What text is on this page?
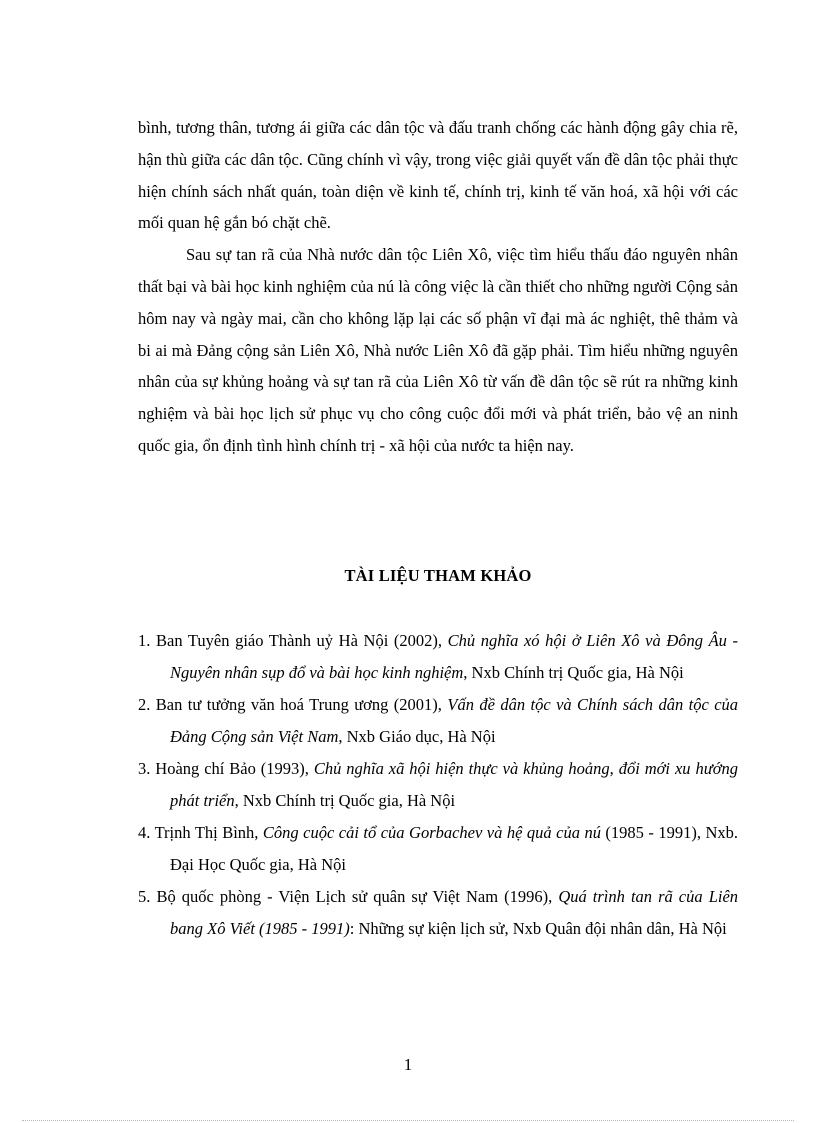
bình, tương thân, tương ái giữa các dân tộc và đấu tranh chống các hành động gây chia rẽ, hận thù giữa các dân tộc. Cũng chính vì vậy, trong việc giải quyết vấn đề dân tộc phải thực hiện chính sách nhất quán, toàn diện về kinh tế, chính trị, kinh tế văn hoá, xã hội với các mối quan hệ gắn bó chặt chẽ.

Sau sự tan rã của Nhà nước dân tộc Liên Xô, việc tìm hiểu thấu đáo nguyên nhân thất bại và bài học kinh nghiệm của nú là công việc là cần thiết cho những người Cộng sản hôm nay và ngày mai, cần cho không lặp lại các số phận vĩ đại mà ác nghiệt, thê thảm và bi ai mà Đảng cộng sản Liên Xô, Nhà nước Liên Xô đã gặp phải. Tìm hiểu những nguyên nhân của sự khủng hoảng và sự tan rã của Liên Xô từ vấn đề dân tộc sẽ rút ra những kinh nghiệm và bài học lịch sử phục vụ cho công cuộc đổi mới và phát triển, bảo vệ an ninh quốc gia, ổn định tình hình chính trị - xã hội của nước ta hiện nay.

TÀI LIỆU THAM KHẢO

1. Ban Tuyên giáo Thành uỷ Hà Nội (2002), Chủ nghĩa xó hội ở Liên Xô và Đông Âu - Nguyên nhân sụp đổ và bài học kinh nghiệm, Nxb Chính trị Quốc gia, Hà Nội

2. Ban tư tưởng văn hoá Trung ương (2001), Vấn đề dân tộc và Chính sách dân tộc của Đảng Cộng sản Việt Nam, Nxb Giáo dục, Hà Nội

3. Hoàng chí Bảo (1993), Chủ nghĩa xã hội hiện thực và khủng hoảng, đổi mới xu hướng phát triển, Nxb Chính trị Quốc gia, Hà Nội

4. Trịnh Thị Bình, Công cuộc cải tổ của Gorbachev và hệ quả của nú (1985 - 1991), Nxb. Đại Học Quốc gia, Hà Nội

5. Bộ quốc phòng - Viện Lịch sử quân sự Việt Nam (1996), Quá trình tan rã của Liên bang Xô Viết (1985 - 1991): Những sự kiện lịch sử, Nxb Quân đội nhân dân, Hà Nội

1
